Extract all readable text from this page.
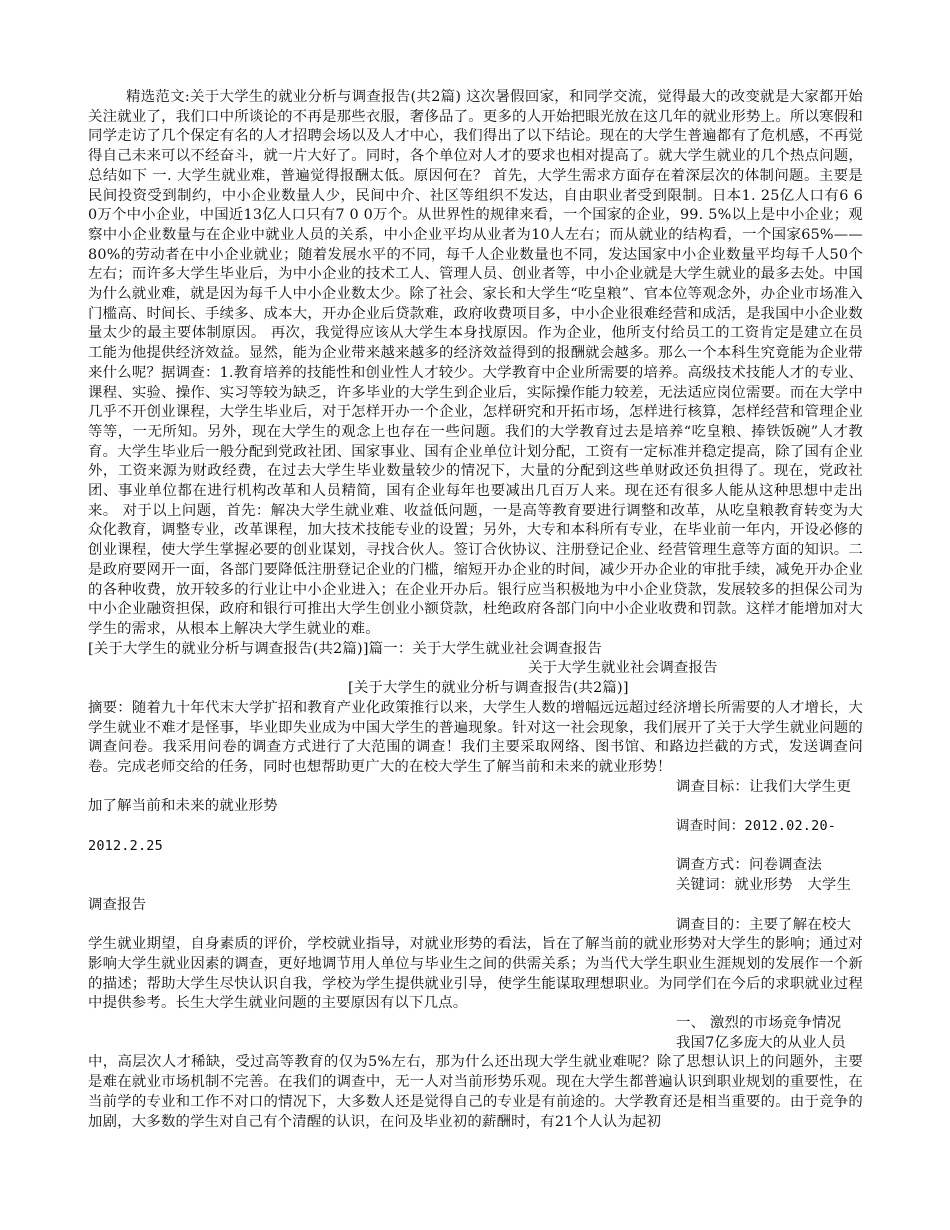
精选范文:关于大学生的就业分析与调查报告(共2篇) 这次暑假回家，和同学交流，觉得最大的改变就是大家都开始关注就业了，我们口中所谈论的不再是那些衣服，奢侈品了。更多的人开始把眼光放在这几年的就业形势上。所以寒假和同学走访了几个保定有名的人才招聘会场以及人才中心，我们得出了以下结论。现在的大学生普遍都有了危机感，不再觉得自己未来可以不经奋斗，就一片大好了。同时，各个单位对人才的要求也相对提高了。就大学生就业的几个热点问题，总结如下 一. 大学生就业难，普遍觉得报酬太低。原因何在？ 首先，大学生需求方面存在着深层次的体制问题。主要是民间投资受到制约，中小企业数量人少，民间中介、社区等组织不发达，自由职业者受到限制。日本1. 25亿人口有6 6 0万个中小企业，中国近13亿人口只有7 0 0万个。从世界性的规律来看，一个国家的企业，99. 5%以上是中小企业；观察中小企业数量与在企业中就业人员的关系，中小企业平均从业者为10人左右；而从就业的结构看，一个国家65%——80%的劳动者在中小企业就业；随着发展水平的不同，每千人企业数量也不同，发达国家中小企业数量平均每千人50个左右；而许多大学生毕业后，为中小企业的技术工人、管理人员、创业者等，中小企业就是大学生就业的最多去处。中国为什么就业难，就是因为每千人中小企业数太少。除了社会、家长和大学生“吃皇粮”、官本位等观念外，办企业市场准入门槛高、时间长、手续多、成本大，开办企业后贷款难，政府收费项目多，中小企业很难经营和成活，是我国中小企业数量太少的最主要体制原因。 再次，我觉得应该从大学生本身找原因。作为企业，他所支付给员工的工资肯定是建立在员工能为他提供经济效益。显然，能为企业带来越来越多的经济效益得到的报酬就会越多。那么一个本科生究竟能为企业带来什么呢？据调查：1.教育培养的技能性和创业性人才较少。大学教育中企业所需要的培养。高级技术技能人才的专业、课程、实验、操作、实习等较为缺乏，许多毕业的大学生到企业后，实际操作能力较差，无法适应岗位需要。而在大学中几乎不开创业课程，大学生毕业后，对于怎样开办一个企业，怎样研究和开拓市场，怎样进行核算，怎样经营和管理企业等等，一无所知。另外，现在大学生的观念上也存在一些问题。我们的大学教育过去是培养“吃皇粮、捧铁饭碗”人才教育。大学生毕业后一般分配到党政社团、国家事业、国有企业单位计划分配，工资有一定标准并稳定提高，除了国有企业外，工资来源为财政经费，在过去大学生毕业数量较少的情况下，大量的分配到这些单财政还负担得了。现在，党政社团、事业单位都在进行机构改革和人员精简，国有企业每年也要减出几百万人来。现在还有很多人能从这种思想中走出来。 对于以上问题，首先：解决大学生就业难、收益低问题，一是高等教育要进行调整和改革，从吃皇粮教育转变为大众化教育，调整专业，改革课程，加大技术技能专业的设置；另外，大专和本科所有专业，在毕业前一年内，开设必修的创业课程，使大学生掌握必要的创业谋划，寻找合伙人。签订合伙协议、注册登记企业、经营管理生意等方面的知识。二是政府要网开一面，各部门要降低注册登记企业的门槛，缩短开办企业的时间，减少开办企业的审批手续，减免开办企业的各种收费，放开较多的行业让中小企业进入；在企业开办后。银行应当积极地为中小企业贷款，发展较多的担保公司为中小企业融资担保，政府和银行可推出大学生创业小额贷款，杜绝政府各部门向中小企业收费和罚款。这样才能增加对大学生的需求，从根本上解决大学生就业的难。

[关于大学生的就业分析与调查报告(共2篇)]篇一：关于大学生就业社会调查报告

关于大学生就业社会调查报告

[关于大学生的就业分析与调查报告(共2篇)]

摘要：随着九十年代末大学扩招和教育产业化政策推行以来，大学生人数的增幅远远超过经济增长所需要的人才增长，大学生就业不难才是怪事，毕业即失业成为中国大学生的普遍现象。针对这一社会现象，我们展开了关于大学生就业问题的调查问卷。我采用问卷的调查方式进行了大范围的调查！我们主要采取网络、图书馆、和路边拦截的方式，发送调查问卷。完成老师交给的任务，同时也想帮助更广大的在校大学生了解当前和未来的就业形势！

调查目标：让我们大学生更

加了解当前和未来的就业形势

调查时间：2012.02.20-

2012.2.25

调查方式：问卷调查法

关键词：就业形势　大学生

调查报告

调查目的：主要了解在校大

学生就业期望，自身素质的评价，学校就业指导，对就业形势的看法，旨在了解当前的就业形势对大学生的影响；通过对影响大学生就业因素的调查，更好地调节用人单位与毕业生之间的供需关系；为当代大学生职业生涯规划的发展作一个新的描述；帮助大学生尽快认识自我，学校为学生提供就业引导，使学生能谋取理想职业。为同学们在今后的求职就业过程中提供参考。长生大学生就业问题的主要原因有以下几点。

一、 激烈的市场竞争情况

我国7亿多庞大的从业人员

中，高层次人才稀缺，受过高等教育的仅为5%左右，那为什么还出现大学生就业难呢？除了思想认识上的问题外，主要是难在就业市场机制不完善。在我们的调查中，无一人对当前形势乐观。现在大学生都普遍认识到职业规划的重要性，在当前学的专业和工作不对口的情况下，大多数人还是觉得自己的专业是有前途的。大学教育还是相当重要的。由于竞争的加剧，大多数的学生对自己有个清醒的认识，在问及毕业初的薪酬时，有21个人认为起初
